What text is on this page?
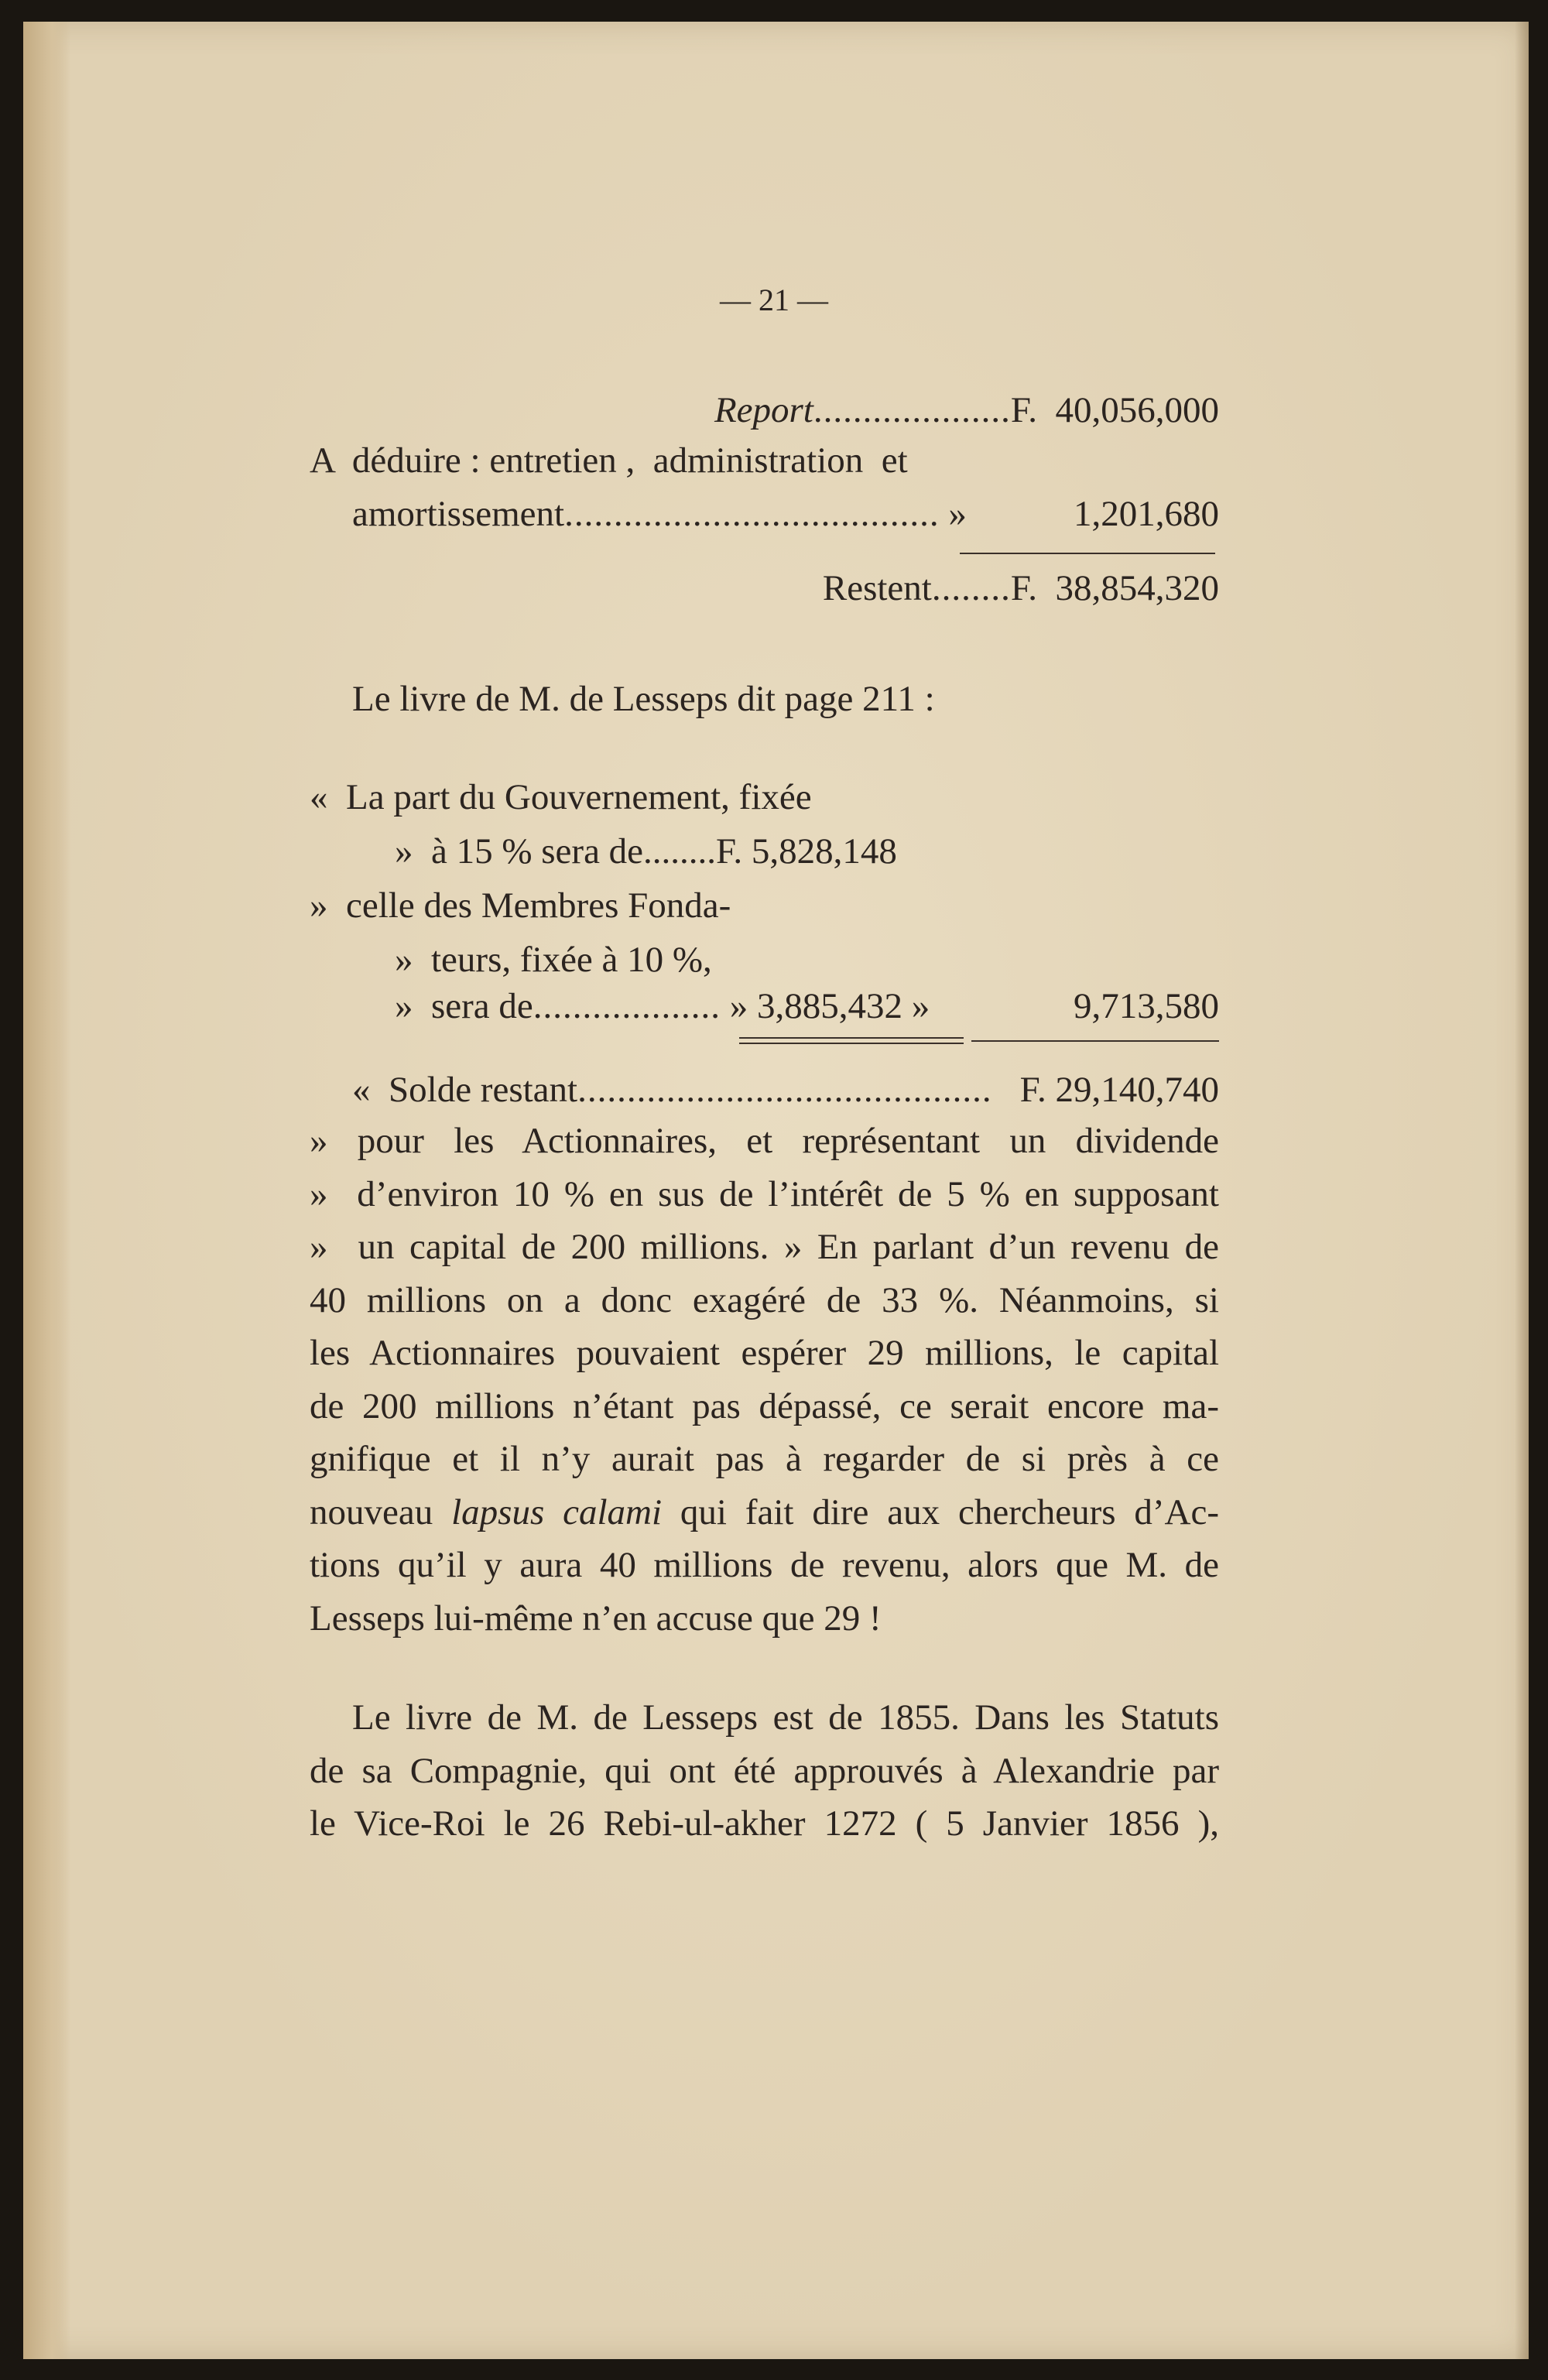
— 21 —
Report....................F. 40,056,000
A  déduire : entretien ,  administration  et
amortissement...................................... »	1,201,680
Restent........F. 38,854,320
Le livre de M. de Lesseps dit page 211 :
«  La part du Gouvernement, fixée
»  à 15 % sera de........F. 5,828,148
»  celle des Membres Fonda-
»  teurs, fixée à 10 %,
»  sera de................... » 3,885,432 »	9,713,580
«  Solde restant.......................................... F. 29,140,740
»  pour  les  Actionnaires,  et  représentant  un  dividende
»  d’environ 10 % en sus de l’intérêt de 5 % en supposant
»  un capital de 200 millions. » En parlant d’un revenu de
40 millions on a donc exagéré de 33 %. Néanmoins, si
les Actionnaires pouvaient espérer 29 millions, le capital
de 200 millions n’étant pas dépassé, ce serait encore ma-
gnifique et il n’y aurait pas à regarder de si près à ce
nouveau lapsus calami qui fait dire aux chercheurs d’Ac-
tions qu’il y aura 40 millions de revenu, alors que M. de
Lesseps lui-même n’en accuse que 29 !
Le livre de M. de Lesseps est de 1855. Dans les Statuts
de sa Compagnie, qui ont été approuvés à Alexandrie par
le Vice-Roi le 26 Rebi-ul-akher 1272 ( 5 Janvier 1856 ),
